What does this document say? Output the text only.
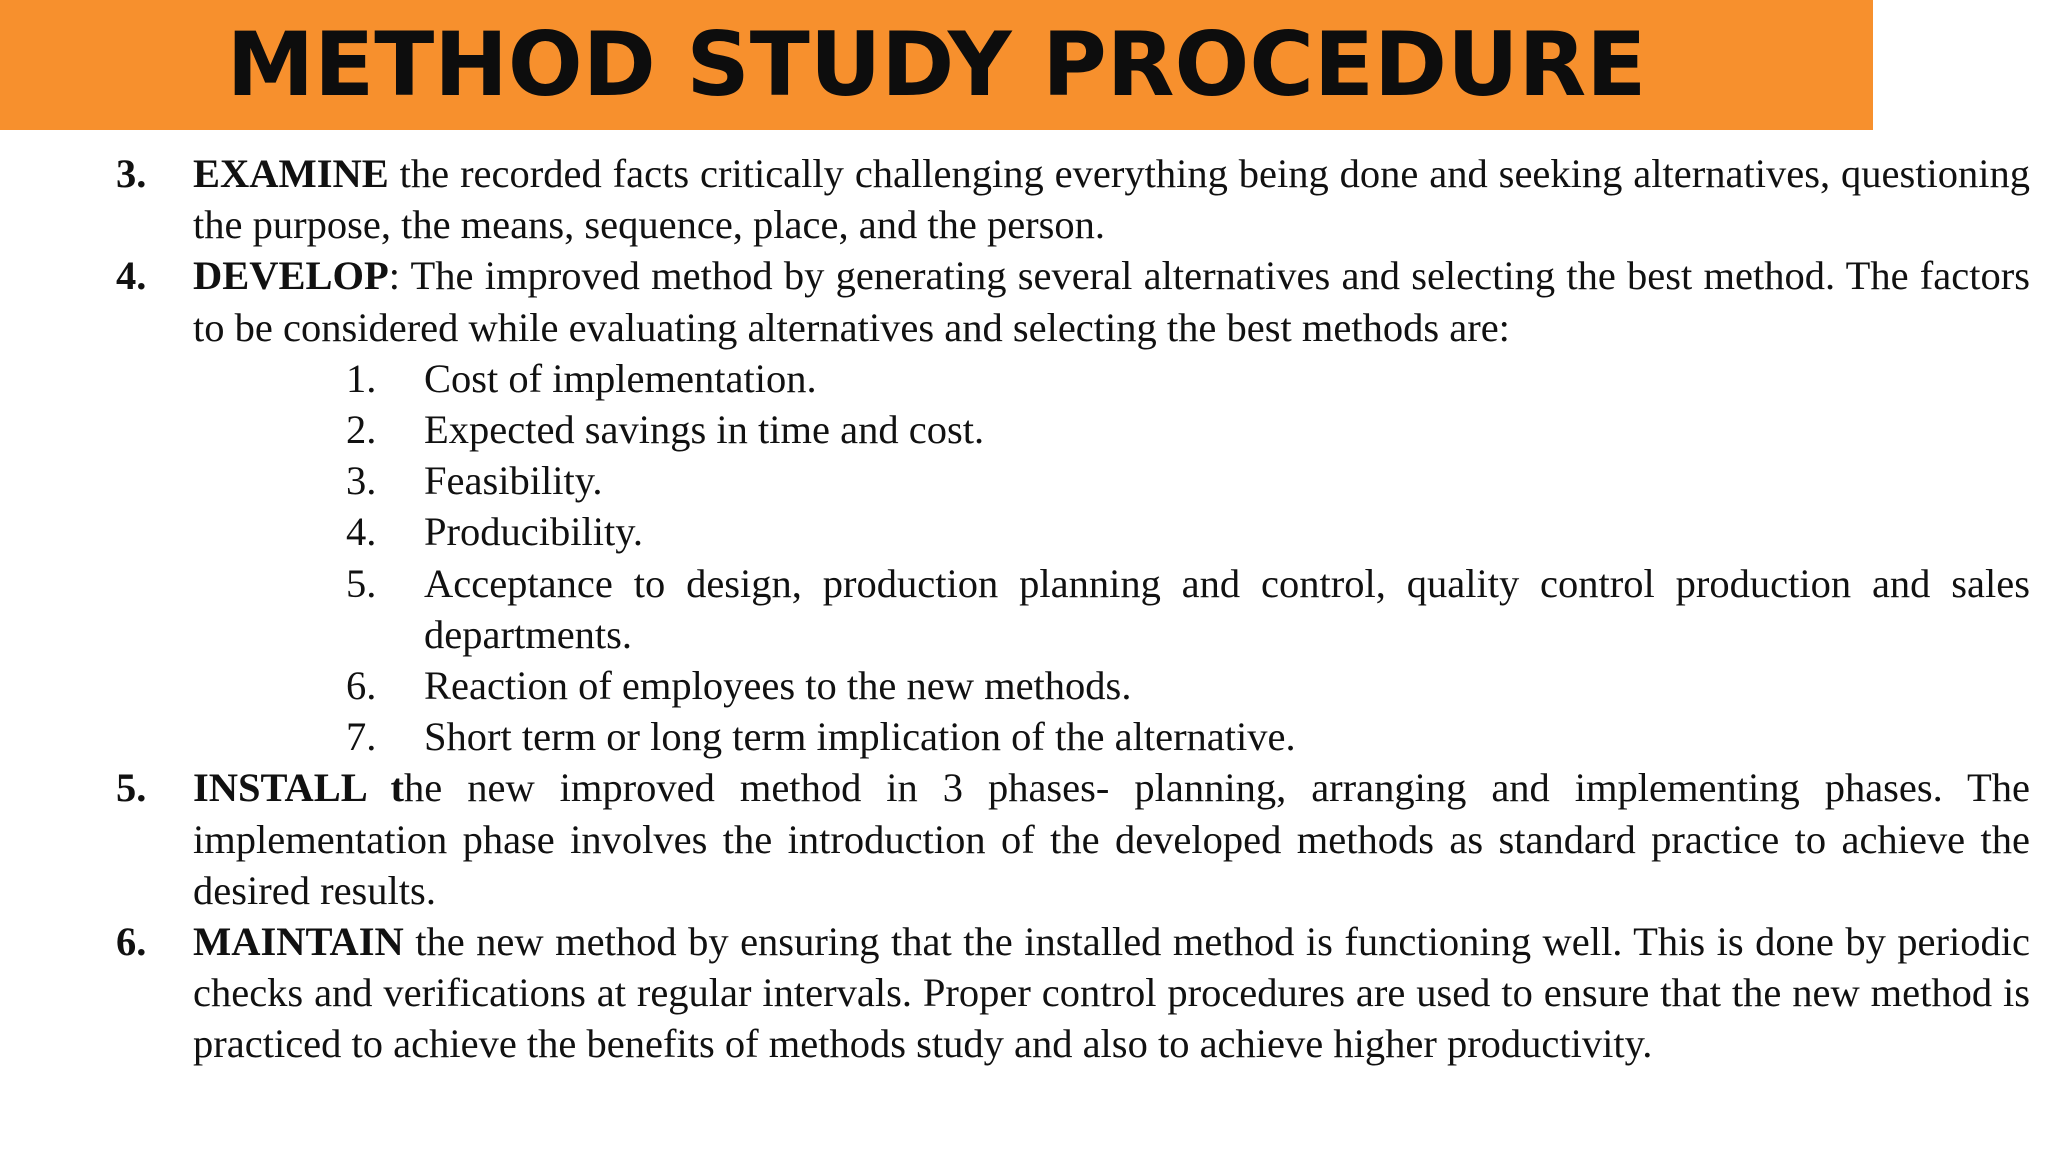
METHOD STUDY PROCEDURE
3. EXAMINE the recorded facts critically challenging everything being done and seeking alternatives, questioning the purpose, the means, sequence, place, and the person.
4. DEVELOP: The improved method by generating several alternatives and selecting the best method. The factors to be considered while evaluating alternatives and selecting the best methods are:
1. Cost of implementation.
2. Expected savings in time and cost.
3. Feasibility.
4. Producibility.
5. Acceptance to design, production planning and control, quality control production and sales departments.
6. Reaction of employees to the new methods.
7. Short term or long term implication of the alternative.
5. INSTALL the new improved method in 3 phases- planning, arranging and implementing phases. The implementation phase involves the introduction of the developed methods as standard practice to achieve the desired results.
6. MAINTAIN the new method by ensuring that the installed method is functioning well. This is done by periodic checks and verifications at regular intervals. Proper control procedures are used to ensure that the new method is practiced to achieve the benefits of methods study and also to achieve higher productivity.
